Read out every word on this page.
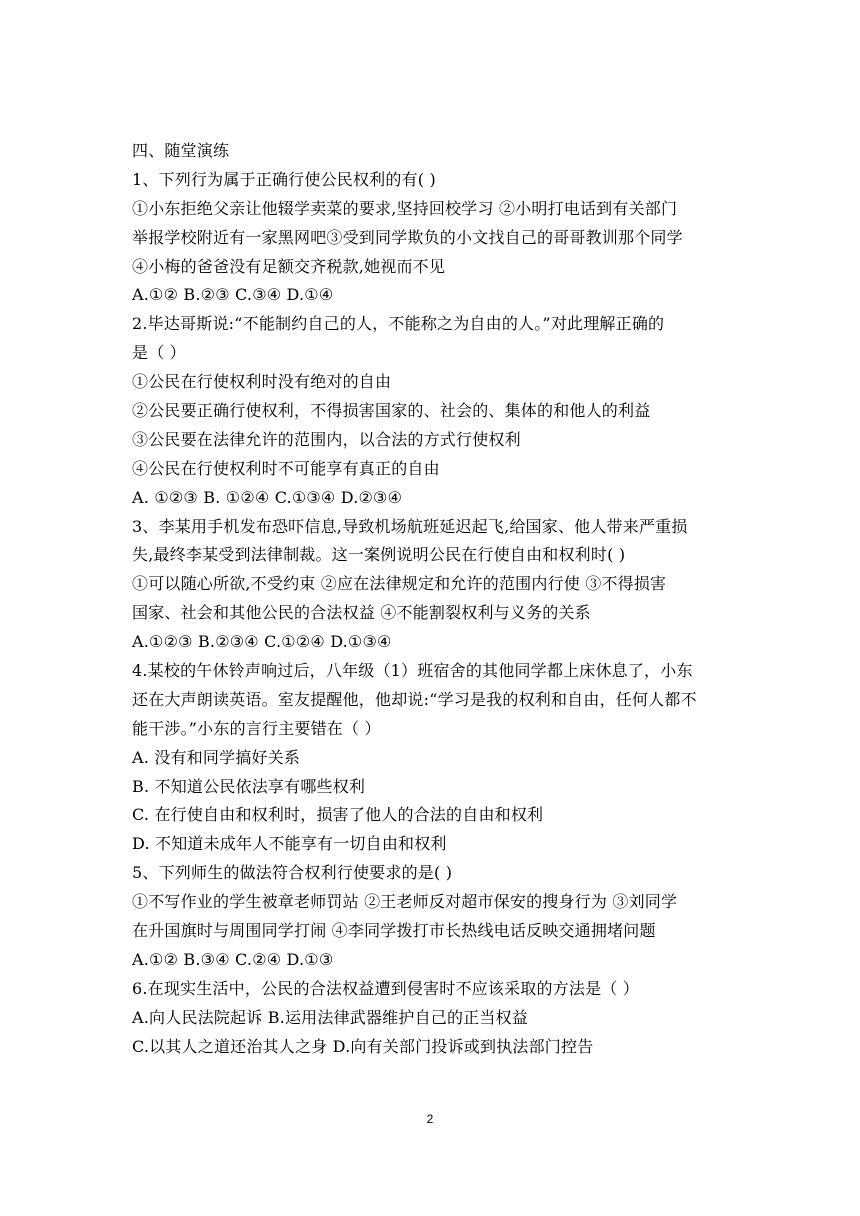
四、随堂演练
1、下列行为属于正确行使公民权利的有( )
①小东拒绝父亲让他辍学卖菜的要求,坚持回校学习 ②小明打电话到有关部门
举报学校附近有一家黑网吧③受到同学欺负的小文找自己的哥哥教训那个同学
④小梅的爸爸没有足额交齐税款,她视而不见
A.①② B.②③ C.③④ D.①④
2.毕达哥斯说:“不能制约自己的人，不能称之为自由的人。”对此理解正确的
是（ ）
①公民在行使权利时没有绝对的自由
②公民要正确行使权利，不得损害国家的、社会的、集体的和他人的利益
③公民要在法律允许的范围内，以合法的方式行使权利
④公民在行使权利时不可能享有真正的自由
A. ①②③ B. ①②④ C.①③④ D.②③④
3、李某用手机发布恐吓信息,导致机场航班延迟起飞,给国家、他人带来严重损
失,最终李某受到法律制裁。这一案例说明公民在行使自由和权利时( )
①可以随心所欲,不受约束 ②应在法律规定和允许的范围内行使 ③不得损害
国家、社会和其他公民的合法权益 ④不能割裂权利与义务的关系
A.①②③ B.②③④ C.①②④ D.①③④
4.某校的午休铃声响过后，八年级（1）班宿舍的其他同学都上床休息了，小东
还在大声朗读英语。室友提醒他，他却说:“学习是我的权利和自由，任何人都不
能干涉。”小东的言行主要错在（ ）
A. 没有和同学搞好关系
B. 不知道公民依法享有哪些权利
C. 在行使自由和权利时，损害了他人的合法的自由和权利
D. 不知道未成年人不能享有一切自由和权利
5、下列师生的做法符合权利行使要求的是( )
①不写作业的学生被章老师罚站 ②王老师反对超市保安的搜身行为 ③刘同学
在升国旗时与周围同学打闹 ④李同学拨打市长热线电话反映交通拥堵问题
A.①② B.③④ C.②④ D.①③
6.在现实生活中，公民的合法权益遭到侵害时不应该采取的方法是（ ）
A.向人民法院起诉 B.运用法律武器维护自己的正当权益
C.以其人之道还治其人之身 D.向有关部门投诉或到执法部门控告
2
